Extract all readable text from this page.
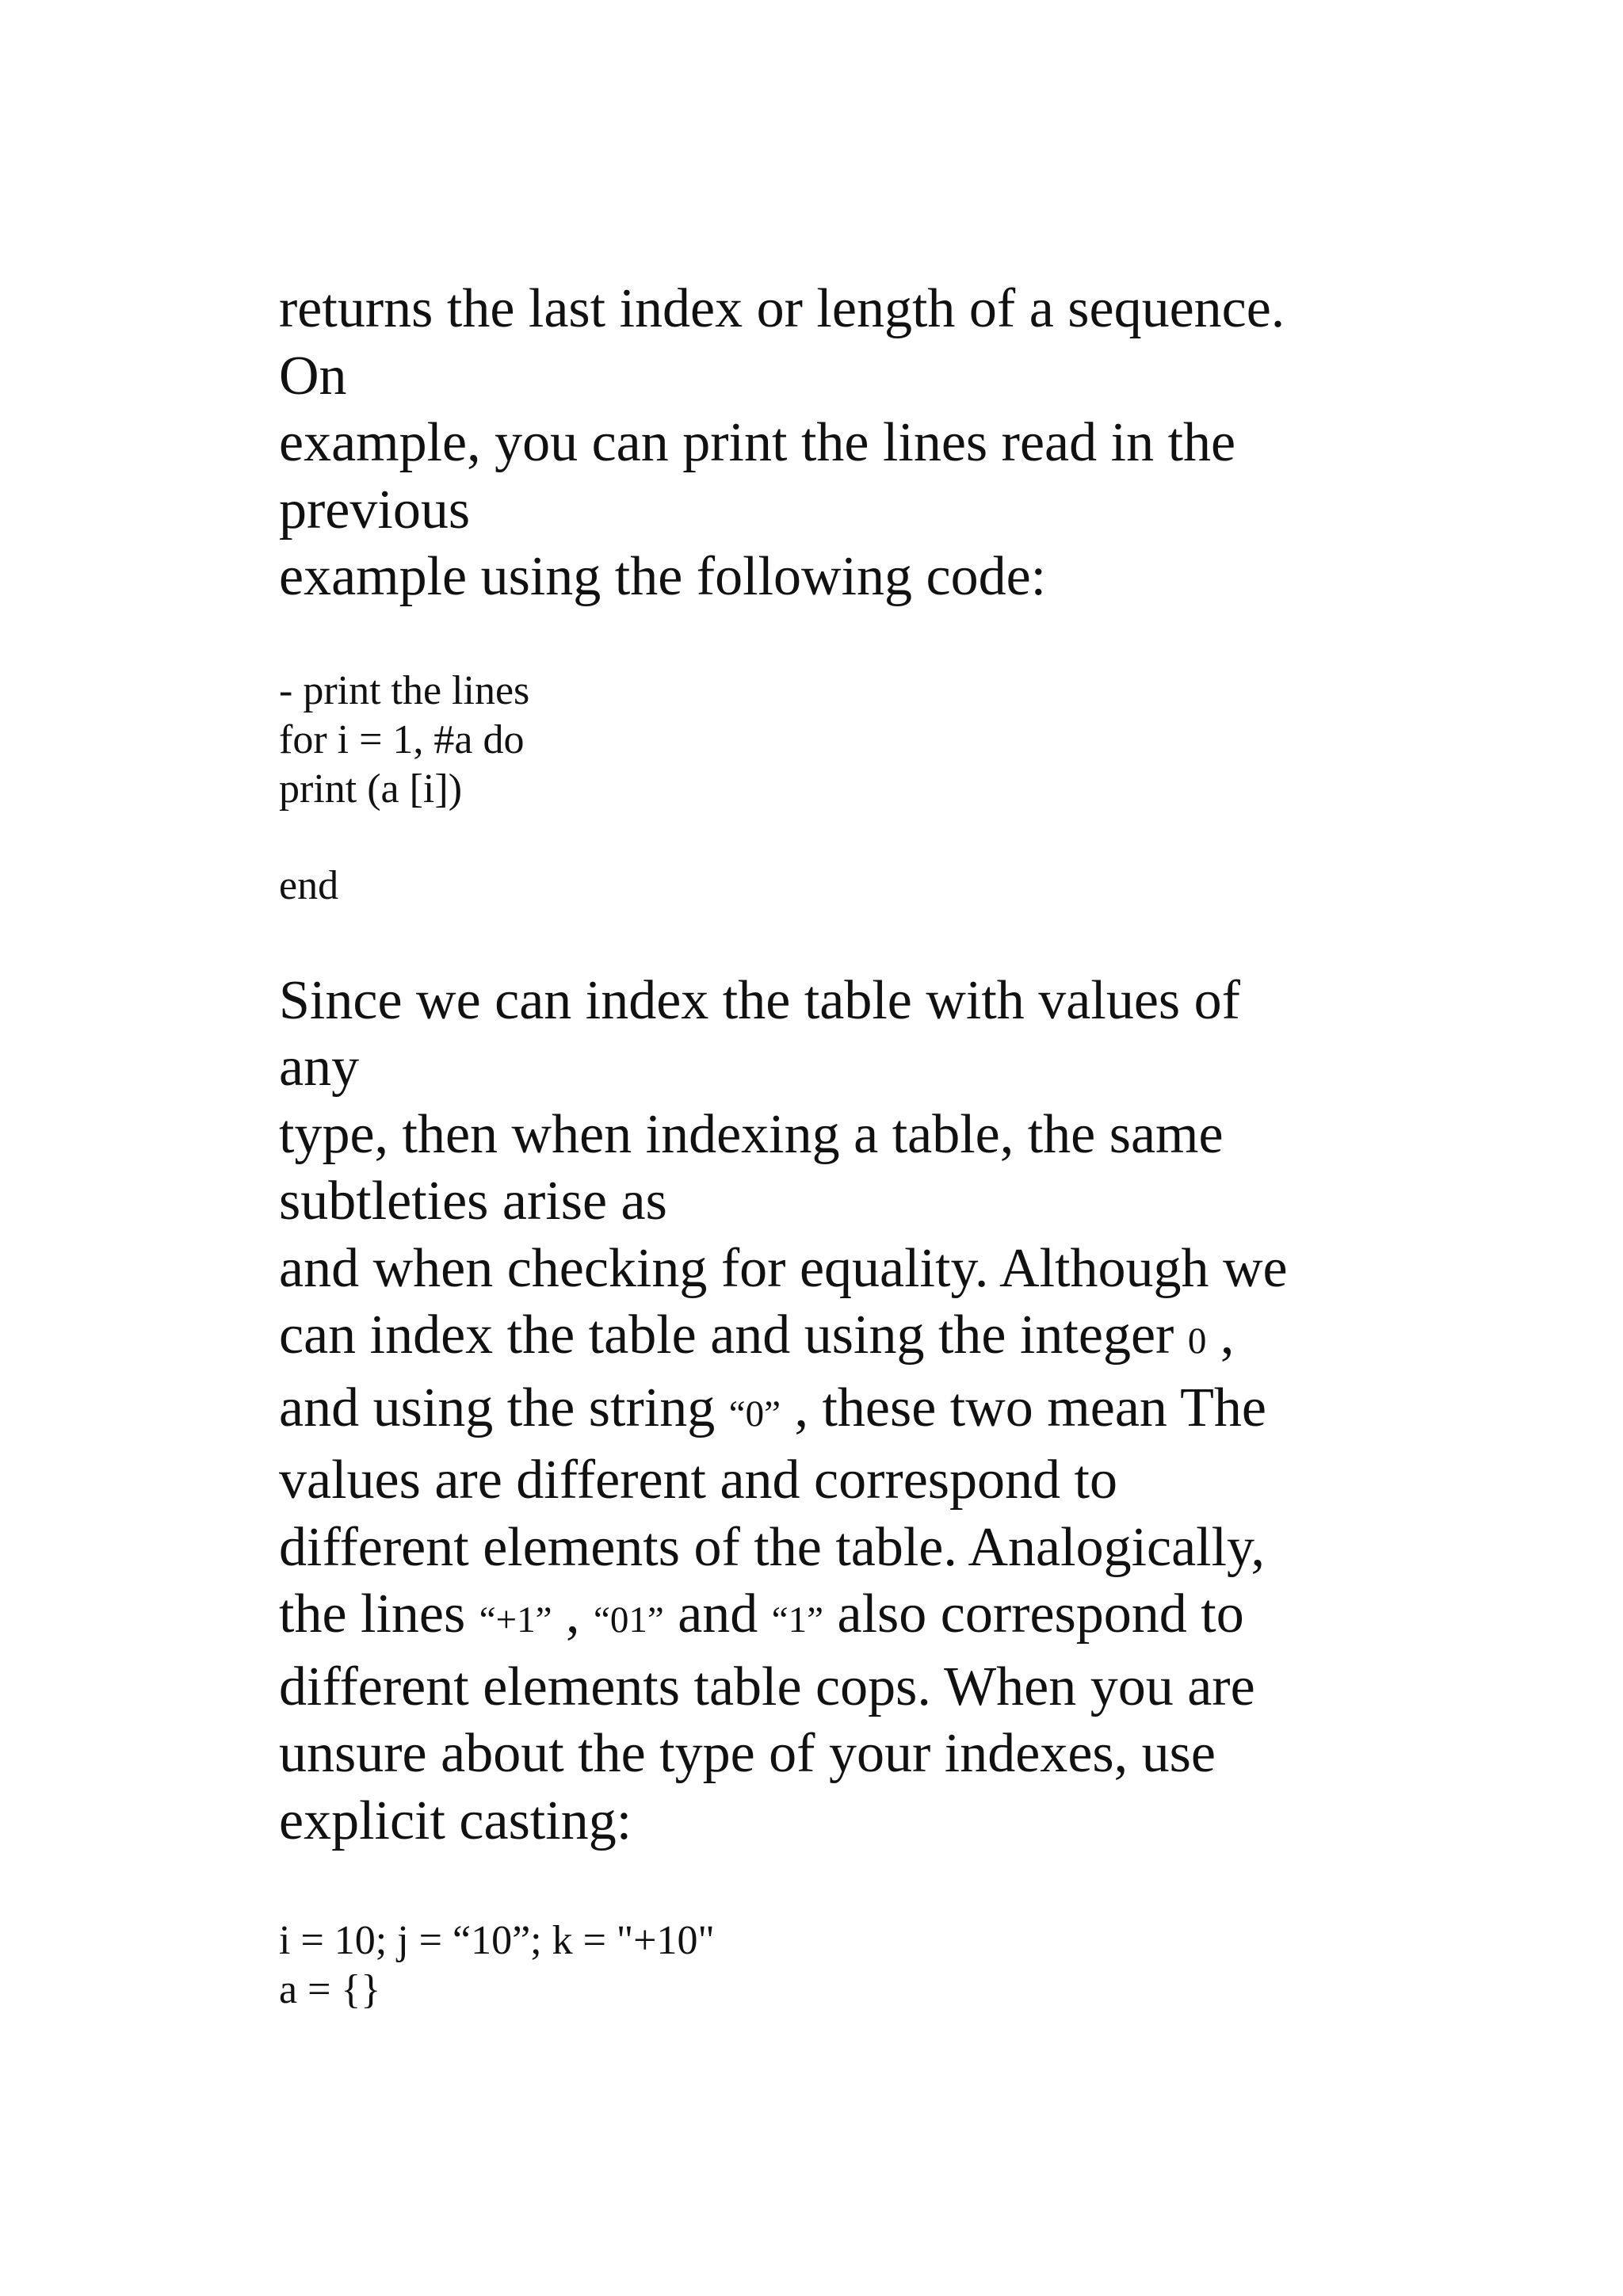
returns the last index or length of a sequence.
On
example, you can print the lines read in the
previous
example using the following code:
- print the lines
for i = 1, #a do
print (a [i])
end
Since we can index the table with values of
any
type, then when indexing a table, the same
subtleties arise as
and when checking for equality. Although we
can index the table and using the integer 0 ,
and using the string “0” , these two mean The
values are different and correspond to
different elements of the table. Analogically,
the lines “+1” , “01” and “1” also correspond to
different elements table cops. When you are
unsure about the type of your indexes, use
explicit casting:
i = 10; j = “10”; k = "+10"
a = {}
